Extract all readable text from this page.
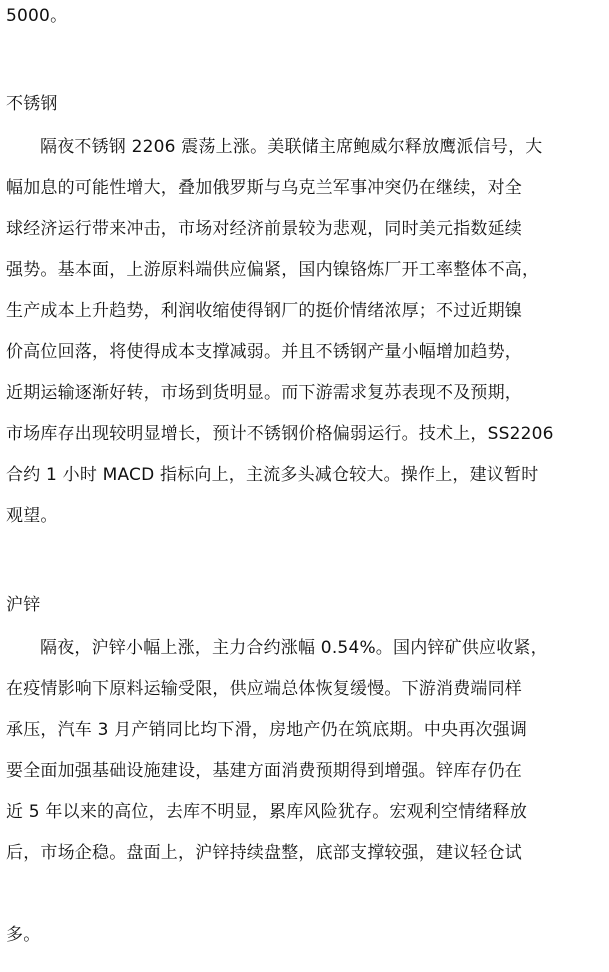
5000。
不锈钢
隔夜不锈钢 2206 震荡上涨。美联储主席鲍威尔释放鹰派信号，大
幅加息的可能性增大，叠加俄罗斯与乌克兰军事冲突仍在继续，对全
球经济运行带来冲击，市场对经济前景较为悲观，同时美元指数延续
强势。基本面，上游原料端供应偏紧，国内镍铬炼厂开工率整体不高，
生产成本上升趋势，利润收缩使得钢厂的挺价情绪浓厚；不过近期镍
价高位回落，将使得成本支撑减弱。并且不锈钢产量小幅增加趋势，
近期运输逐渐好转，市场到货明显。而下游需求复苏表现不及预期，
市场库存出现较明显增长，预计不锈钢价格偏弱运行。技术上，SS2206
合约 1 小时 MACD 指标向上，主流多头减仓较大。操作上，建议暂时
观望。
沪锌
隔夜，沪锌小幅上涨，主力合约涨幅 0.54%。国内锌矿供应收紧，
在疫情影响下原料运输受限，供应端总体恢复缓慢。下游消费端同样
承压，汽车 3 月产销同比均下滑，房地产仍在筑底期。中央再次强调
要全面加强基础设施建设，基建方面消费预期得到增强。锌库存仍在
近 5 年以来的高位，去库不明显，累库风险犹存。宏观利空情绪释放
后，市场企稳。盘面上，沪锌持续盘整，底部支撑较强，建议轻仓试
多。
